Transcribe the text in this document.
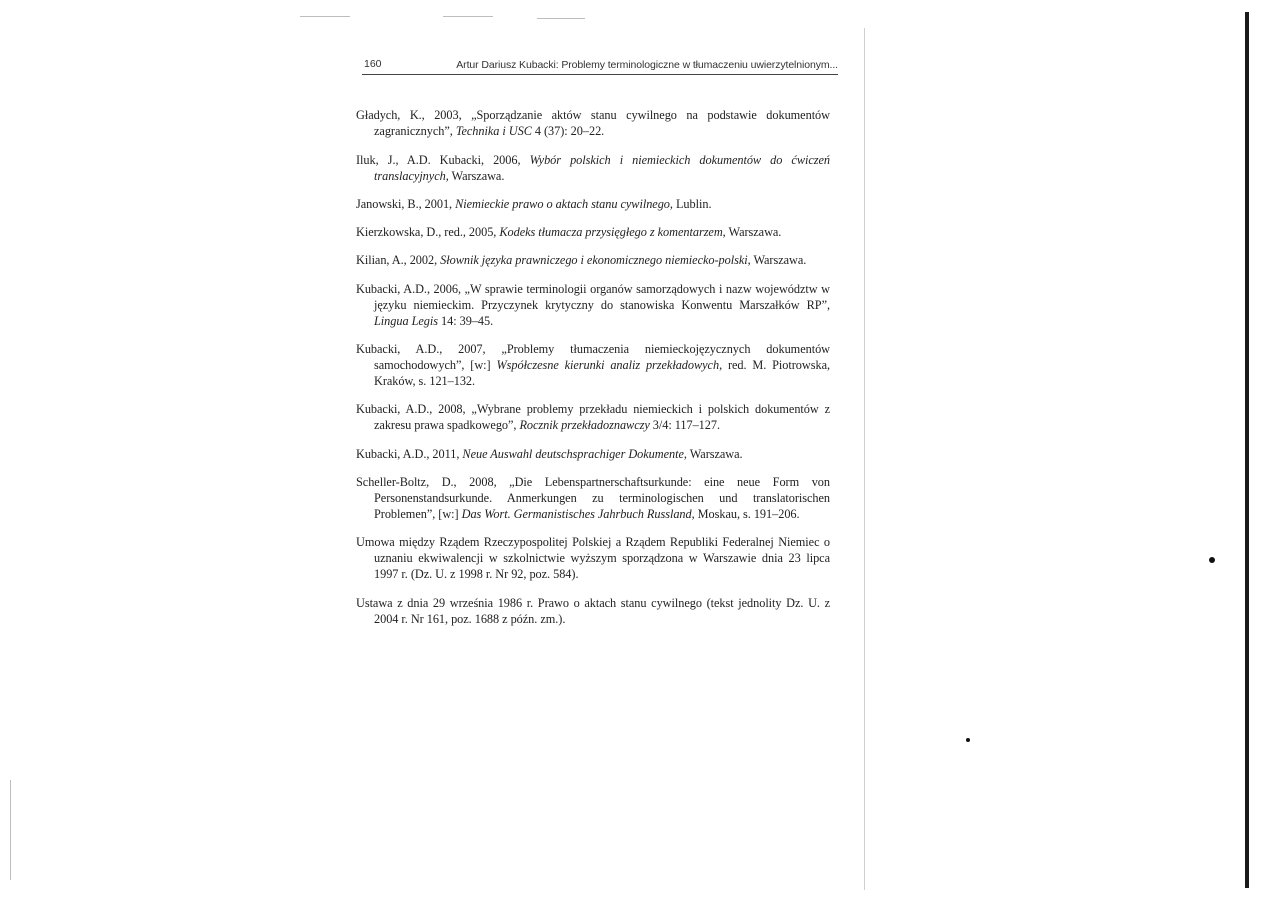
160	Artur Dariusz Kubacki: Problemy terminologiczne w tłumaczeniu uwierzytelnionym...

Gładych, K., 2003, „Sporządzanie aktów stanu cywilnego na podstawie dokumentów zagranicznych”, Technika i USC 4 (37): 20–22.

Iluk, J., A.D. Kubacki, 2006, Wybór polskich i niemieckich dokumentów do ćwiczeń translacyjnych, Warszawa.

Janowski, B., 2001, Niemieckie prawo o aktach stanu cywilnego, Lublin.

Kierzkowska, D., red., 2005, Kodeks tłumacza przysięgłego z komentarzem, Warszawa.

Kilian, A., 2002, Słownik języka prawniczego i ekonomicznego niemiecko-polski, Warszawa.

Kubacki, A.D., 2006, „W sprawie terminologii organów samorządowych i nazw województw w języku niemieckim. Przyczynek krytyczny do stanowiska Konwentu Marszałków RP”, Lingua Legis 14: 39–45.

Kubacki, A.D., 2007, „Problemy tłumaczenia niemieckojęzycznych dokumentów samochodowych”, [w:] Współczesne kierunki analiz przekładowych, red. M. Piotrowska, Kraków, s. 121–132.

Kubacki, A.D., 2008, „Wybrane problemy przekładu niemieckich i polskich dokumentów z zakresu prawa spadkowego”, Rocznik przekładoznawczy 3/4: 117–127.

Kubacki, A.D., 2011, Neue Auswahl deutschsprachiger Dokumente, Warszawa.

Scheller-Boltz, D., 2008, „Die Lebenspartnerschaftsurkunde: eine neue Form von Personenstandsurkunde. Anmerkungen zu terminologischen und translatorischen Problemen”, [w:] Das Wort. Germanistisches Jahrbuch Russland, Moskau, s. 191–206.

Umowa między Rządem Rzeczypospolitej Polskiej a Rządem Republiki Federalnej Niemiec o uznaniu ekwiwalencji w szkolnictwie wyższym sporządzona w Warszawie dnia 23 lipca 1997 r. (Dz. U. z 1998 r. Nr 92, poz. 584).

Ustawa z dnia 29 września 1986 r. Prawo o aktach stanu cywilnego (tekst jednolity Dz. U. z 2004 r. Nr 161, poz. 1688 z późn. zm.).
